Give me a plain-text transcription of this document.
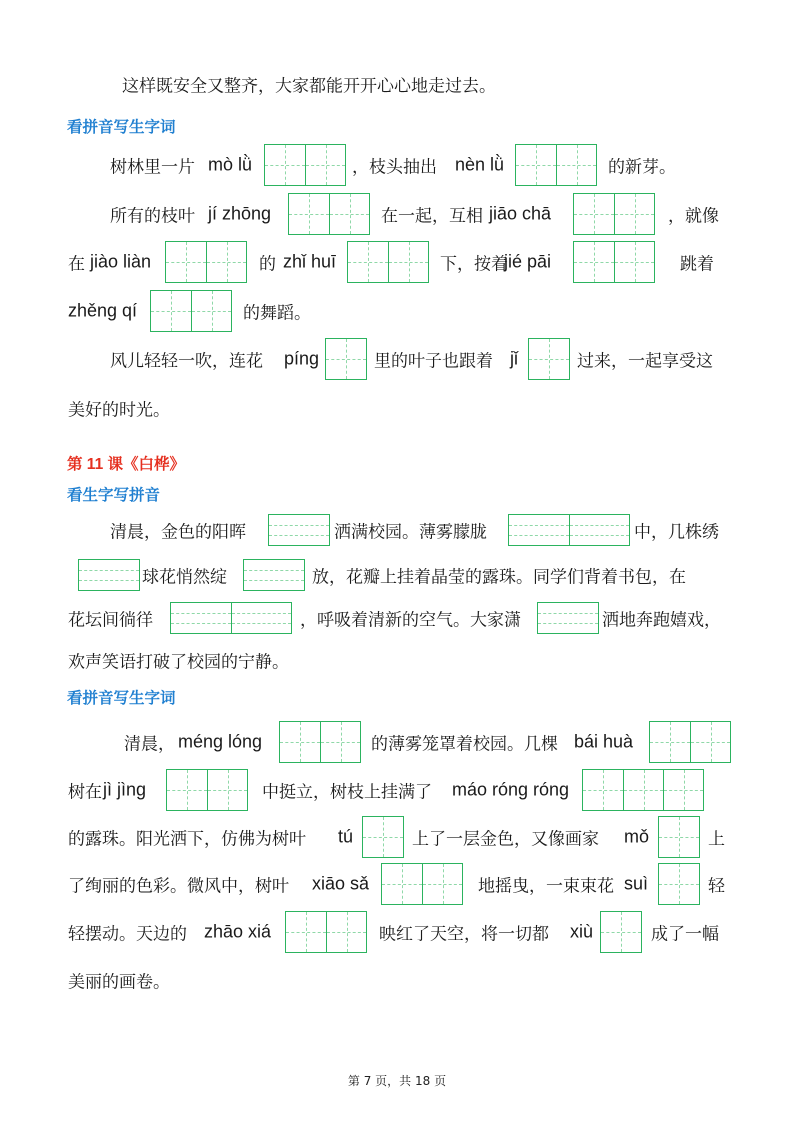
这样既安全又整齐，大家都能开开心心地走过去。
看拼音写生字词
树林里一片 mò lǜ	，枝头抽出 nèn lǜ	的新芽。
所有的枝叶 jí zhōng	在一起，互相 jiāo chā	，就像
在 jiào liàn	的 zhǐ huī	下，按着
jié pāi	跳着
zhěng qí	的舞蹈。
风儿轻轻一吹，连花 píng	里的叶子也跟着 jǐ	过来，一起享受这
美好的时光。
第 11 课《白桦》
看生字写拼音
清晨，金色的阳晖	洒满校园。薄雾朦胧	中，几株绣
球花悄然绽	放，花瓣上挂着晶莹的露珠。同学们背着书包，在
花坛间徜徉	，呼吸着清新的空气。大家潇	洒地奔跑嬉戏，
欢声笑语打破了校园的宁静。
看拼音写生字词
清晨， méng lóng	的薄雾笼罩着校园。几棵 bái huà
树在 jì jìng	中挺立，树枝上挂满了 máo róng róng
的露珠。阳光洒下，仿佛为树叶 tú	上了一层金色，又像画家 mǒ	上
了绚丽的色彩。微风中，树叶 xiāo sǎ	地摇曳，一束束花 suì	轻
轻摆动。天边的 zhāo xiá	映红了天空，将一切都 xiù	成了一幅
美丽的画卷。
第 7 页，共 18 页
